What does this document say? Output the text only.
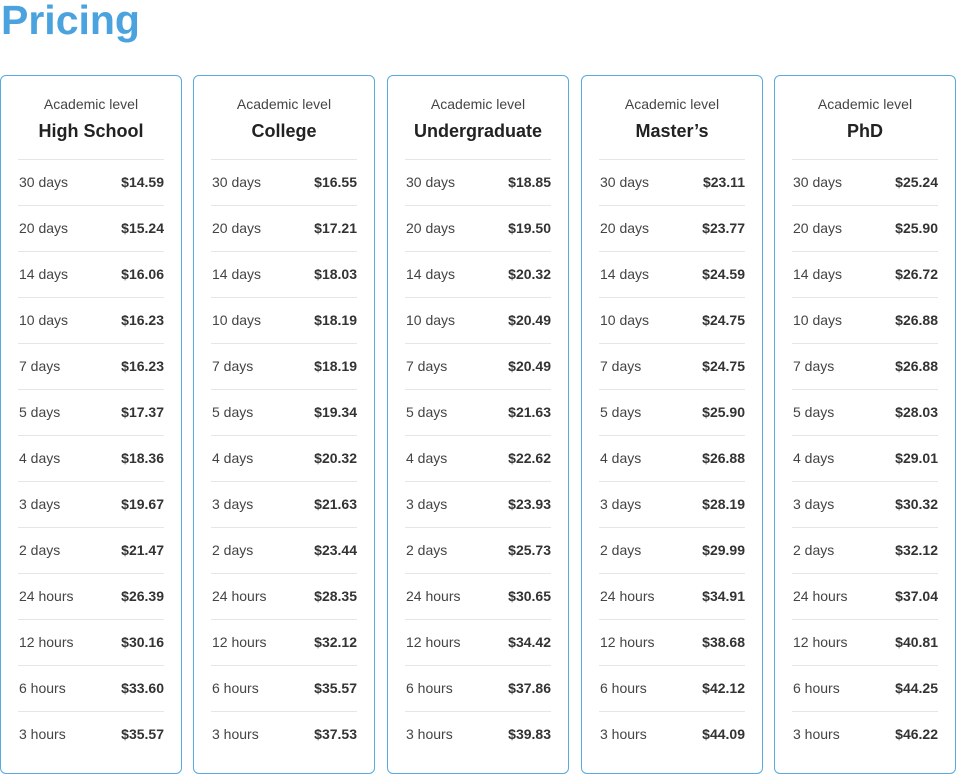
Pricing
Academic level
High School
30 days	$14.59
20 days	$15.24
14 days	$16.06
10 days	$16.23
7 days	$16.23
5 days	$17.37
4 days	$18.36
3 days	$19.67
2 days	$21.47
24 hours	$26.39
12 hours	$30.16
6 hours	$33.60
3 hours	$35.57
Academic level
College
30 days	$16.55
20 days	$17.21
14 days	$18.03
10 days	$18.19
7 days	$18.19
5 days	$19.34
4 days	$20.32
3 days	$21.63
2 days	$23.44
24 hours	$28.35
12 hours	$32.12
6 hours	$35.57
3 hours	$37.53
Academic level
Undergraduate
30 days	$18.85
20 days	$19.50
14 days	$20.32
10 days	$20.49
7 days	$20.49
5 days	$21.63
4 days	$22.62
3 days	$23.93
2 days	$25.73
24 hours	$30.65
12 hours	$34.42
6 hours	$37.86
3 hours	$39.83
Academic level
Master’s
30 days	$23.11
20 days	$23.77
14 days	$24.59
10 days	$24.75
7 days	$24.75
5 days	$25.90
4 days	$26.88
3 days	$28.19
2 days	$29.99
24 hours	$34.91
12 hours	$38.68
6 hours	$42.12
3 hours	$44.09
Academic level
PhD
30 days	$25.24
20 days	$25.90
14 days	$26.72
10 days	$26.88
7 days	$26.88
5 days	$28.03
4 days	$29.01
3 days	$30.32
2 days	$32.12
24 hours	$37.04
12 hours	$40.81
6 hours	$44.25
3 hours	$46.22
